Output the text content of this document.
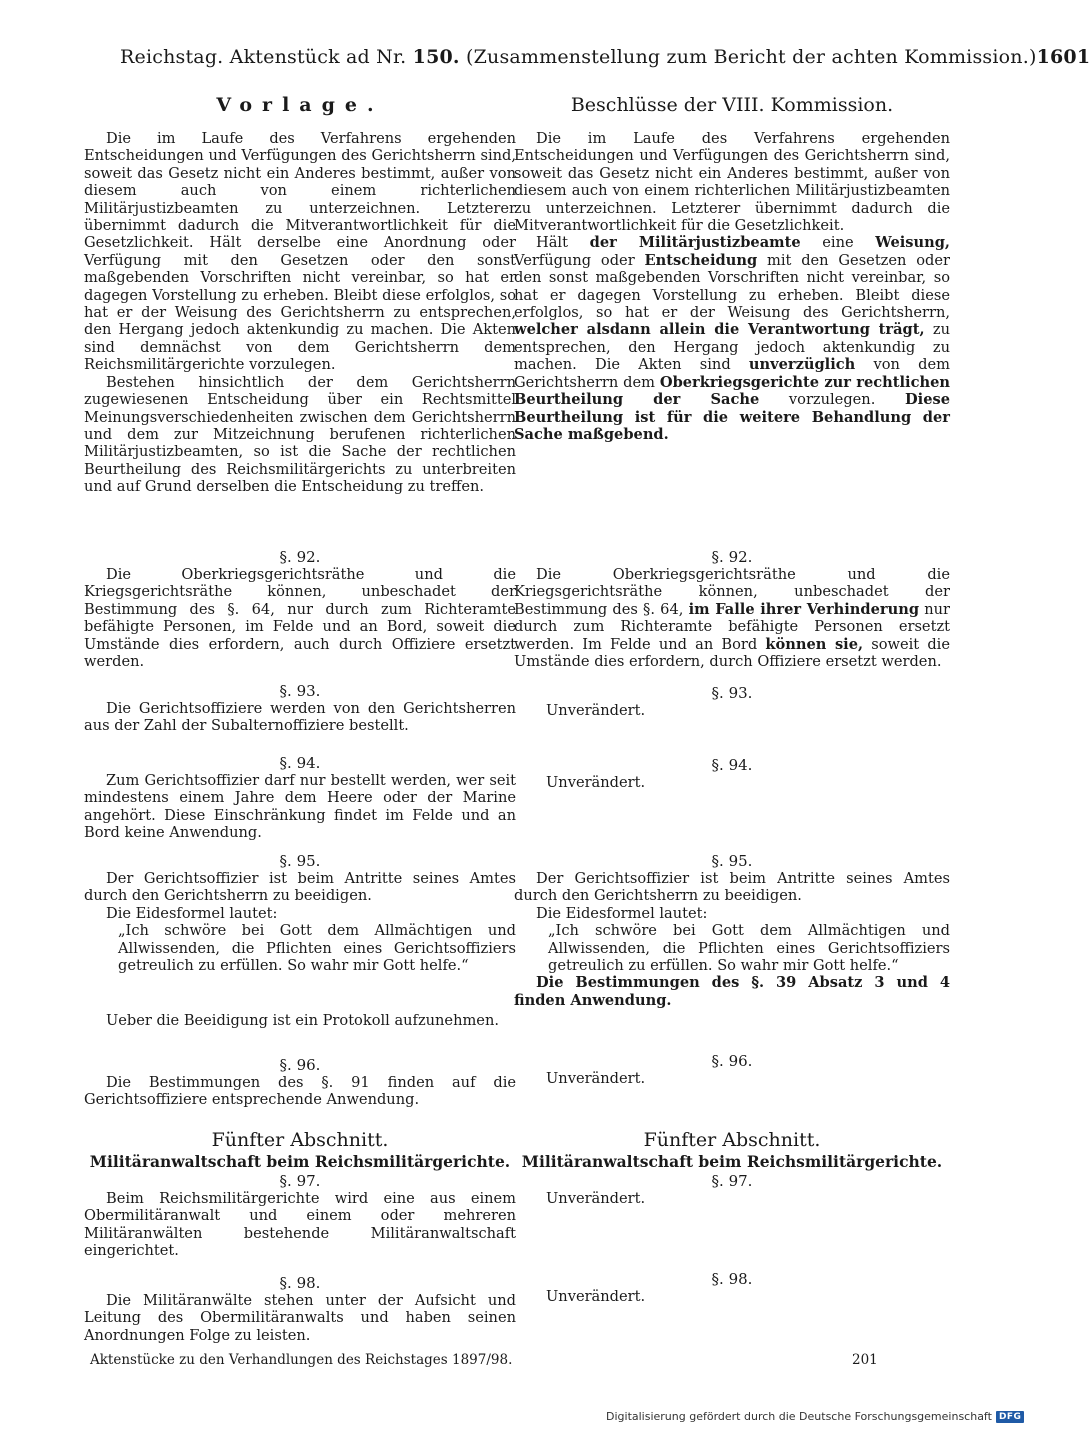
Reichstag. Aktenstück ad Nr. 150. (Zusammenstellung zum Bericht der achten Kommission.) 1601
Vorlage.

Die im Laufe des Verfahrens ergehenden Entscheidungen und Verfügungen des Gerichtsherrn sind, soweit das Gesetz nicht ein Anderes bestimmt, außer von diesem auch von einem richterlichen Militärjustizbeamten zu unterzeichnen. Letzterer übernimmt dadurch die Mitverantwortlichkeit für die Gesetzlichkeit. Hält derselbe eine Anordnung oder Verfügung mit den Gesetzen oder den sonst maßgebenden Vorschriften nicht vereinbar, so hat er dagegen Vorstellung zu erheben. Bleibt diese erfolglos, so hat er der Weisung des Gerichtsherrn zu entsprechen, den Hergang jedoch aktenkundig zu machen. Die Akten sind demnächst von dem Gerichtsherrn dem Reichsmilitärgerichte vorzulegen.

Bestehen hinsichtlich der dem Gerichtsherrn zugewiesenen Entscheidung über ein Rechtsmittel Meinungsverschiedenheiten zwischen dem Gerichtsherrn und dem zur Mitzeichnung berufenen richterlichen Militärjustizbeamten, so ist die Sache der rechtlichen Beurtheilung des Reichsmilitärgerichts zu unterbreiten und auf Grund derselben die Entscheidung zu treffen.

§. 92.

Die Oberkriegsgerichtsräthe und die Kriegsgerichtsräthe können, unbeschadet der Bestimmung des §. 64, nur durch zum Richteramte befähigte Personen, im Felde und an Bord, soweit die Umstände dies erfordern, auch durch Offiziere ersetzt werden.

§. 93.

Die Gerichtsoffiziere werden von den Gerichtsherren aus der Zahl der Subalternoffiziere bestellt.

§. 94.

Zum Gerichtsoffizier darf nur bestellt werden, wer seit mindestens einem Jahre dem Heere oder der Marine angehört. Diese Einschränkung findet im Felde und an Bord keine Anwendung.

§. 95.

Der Gerichtsoffizier ist beim Antritte seines Amtes durch den Gerichtsherrn zu beeidigen.

Die Eidesformel lautet:

„Ich schwöre bei Gott dem Allmächtigen und Allwissenden, die Pflichten eines Gerichtsoffiziers getreulich zu erfüllen. So wahr mir Gott helfe.“

Ueber die Beeidigung ist ein Protokoll aufzunehmen.

§. 96.

Die Bestimmungen des §. 91 finden auf die Gerichtsoffiziere entsprechende Anwendung.

Fünfter Abschnitt.

Militäranwaltschaft beim Reichsmilitärgerichte.

§. 97.

Beim Reichsmilitärgerichte wird eine aus einem Obermilitäranwalt und einem oder mehreren Militäranwälten bestehende Militäranwaltschaft eingerichtet.

§. 98.

Die Militäranwälte stehen unter der Aufsicht und Leitung des Obermilitäranwalts und haben seinen Anordnungen Folge zu leisten.

Beschlüsse der VIII. Kommission.

Die im Laufe des Verfahrens ergehenden Entscheidungen und Verfügungen des Gerichtsherrn sind, soweit das Gesetz nicht ein Anderes bestimmt, außer von diesem auch von einem richterlichen Militärjustizbeamten zu unterzeichnen. Letzterer übernimmt dadurch die Mitverantwortlichkeit für die Gesetzlichkeit.

Hält der Militärjustizbeamte eine Weisung, Verfügung oder Entscheidung mit den Gesetzen oder den sonst maßgebenden Vorschriften nicht vereinbar, so hat er dagegen Vorstellung zu erheben. Bleibt diese erfolglos, so hat er der Weisung des Gerichtsherrn, welcher alsdann allein die Verantwortung trägt, zu entsprechen, den Hergang jedoch aktenkundig zu machen. Die Akten sind unverzüglich von dem Gerichtsherrn dem Oberkriegsgerichte zur rechtlichen Beurtheilung der Sache vorzulegen. Diese Beurtheilung ist für die weitere Behandlung der Sache maßgebend.

§. 92.

Die Oberkriegsgerichtsräthe und die Kriegsgerichtsräthe können, unbeschadet der Bestimmung des §. 64, im Falle ihrer Verhinderung nur durch zum Richteramte befähigte Personen ersetzt werden. Im Felde und an Bord können sie, soweit die Umstände dies erfordern, durch Offiziere ersetzt werden.

§. 93.

Unverändert.

§. 94.

Unverändert.

§. 95.

Der Gerichtsoffizier ist beim Antritte seines Amtes durch den Gerichtsherrn zu beeidigen.

Die Eidesformel lautet:

„Ich schwöre bei Gott dem Allmächtigen und Allwissenden, die Pflichten eines Gerichtsoffiziers getreulich zu erfüllen. So wahr mir Gott helfe.“

Die Bestimmungen des §. 39 Absatz 3 und 4 finden Anwendung.

§. 96.

Unverändert.

Fünfter Abschnitt.

Militäranwaltschaft beim Reichsmilitärgerichte.

§. 97.

Unverändert.

§. 98.

Unverändert.

Aktenstücke zu den Verhandlungen des Reichstages 1897/98.	201
Digitalisierung gefördert durch die Deutsche Forschungsgemeinschaft DFG
